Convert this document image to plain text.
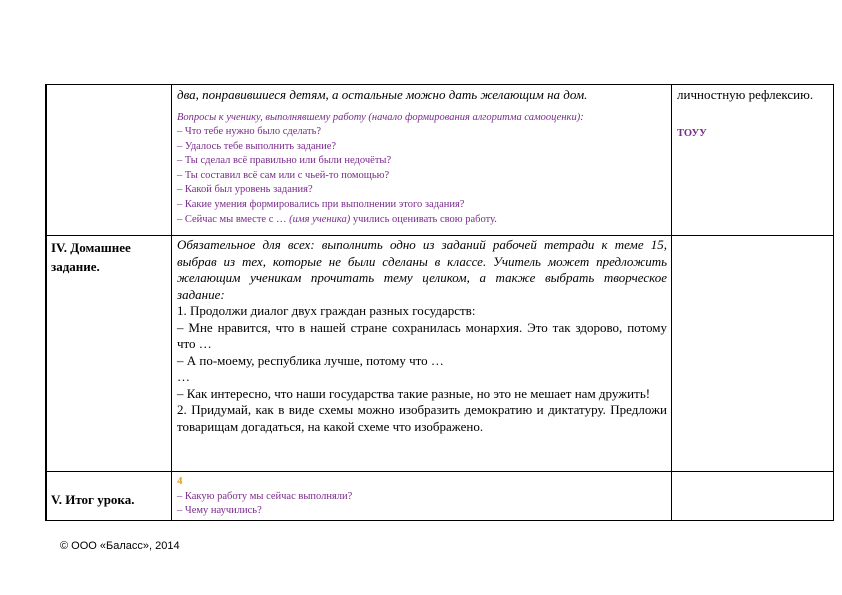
два, понравившиеся детям, а остальные можно дать желающим на дом.

Вопросы к ученику, выполнявшему работу (начало формирования алгоритма самооценки):

– Что тебе нужно было сделать?

– Удалось тебе выполнить задание?

– Ты сделал всё правильно или были недочёты?

– Ты составил всё сам или с чьей-то помощью?

– Какой был уровень задания?

– Какие умения формировались при выполнении этого задания?

– Сейчас мы вместе с … (имя ученика) учились оценивать свою работу.

личностную рефлексию.

ТОУУ

IV. Домашнее задание.

Обязательное для всех: выполнить одно из заданий рабочей тетради к теме 15, выбрав из тех, которые не были сделаны в классе. Учитель может предложить желающим ученикам прочитать тему целиком, а также выбрать творческое задание:

1. Продолжи диалог двух граждан разных государств:

– Мне нравится, что в нашей стране сохранилась монархия. Это так здорово, потому что …

– А по-моему, республика лучше, потому что …

…

– Как интересно, что наши государства такие разные, но это не мешает нам дружить!

2. Придумай, как в виде схемы можно изобразить демократию и диктатуру. Предложи товарищам догадаться, на какой схеме что изображено.

V. Итог урока.

4

– Какую работу мы сейчас выполняли?

– Чему научились?

© ООО «Баласс», 2014
